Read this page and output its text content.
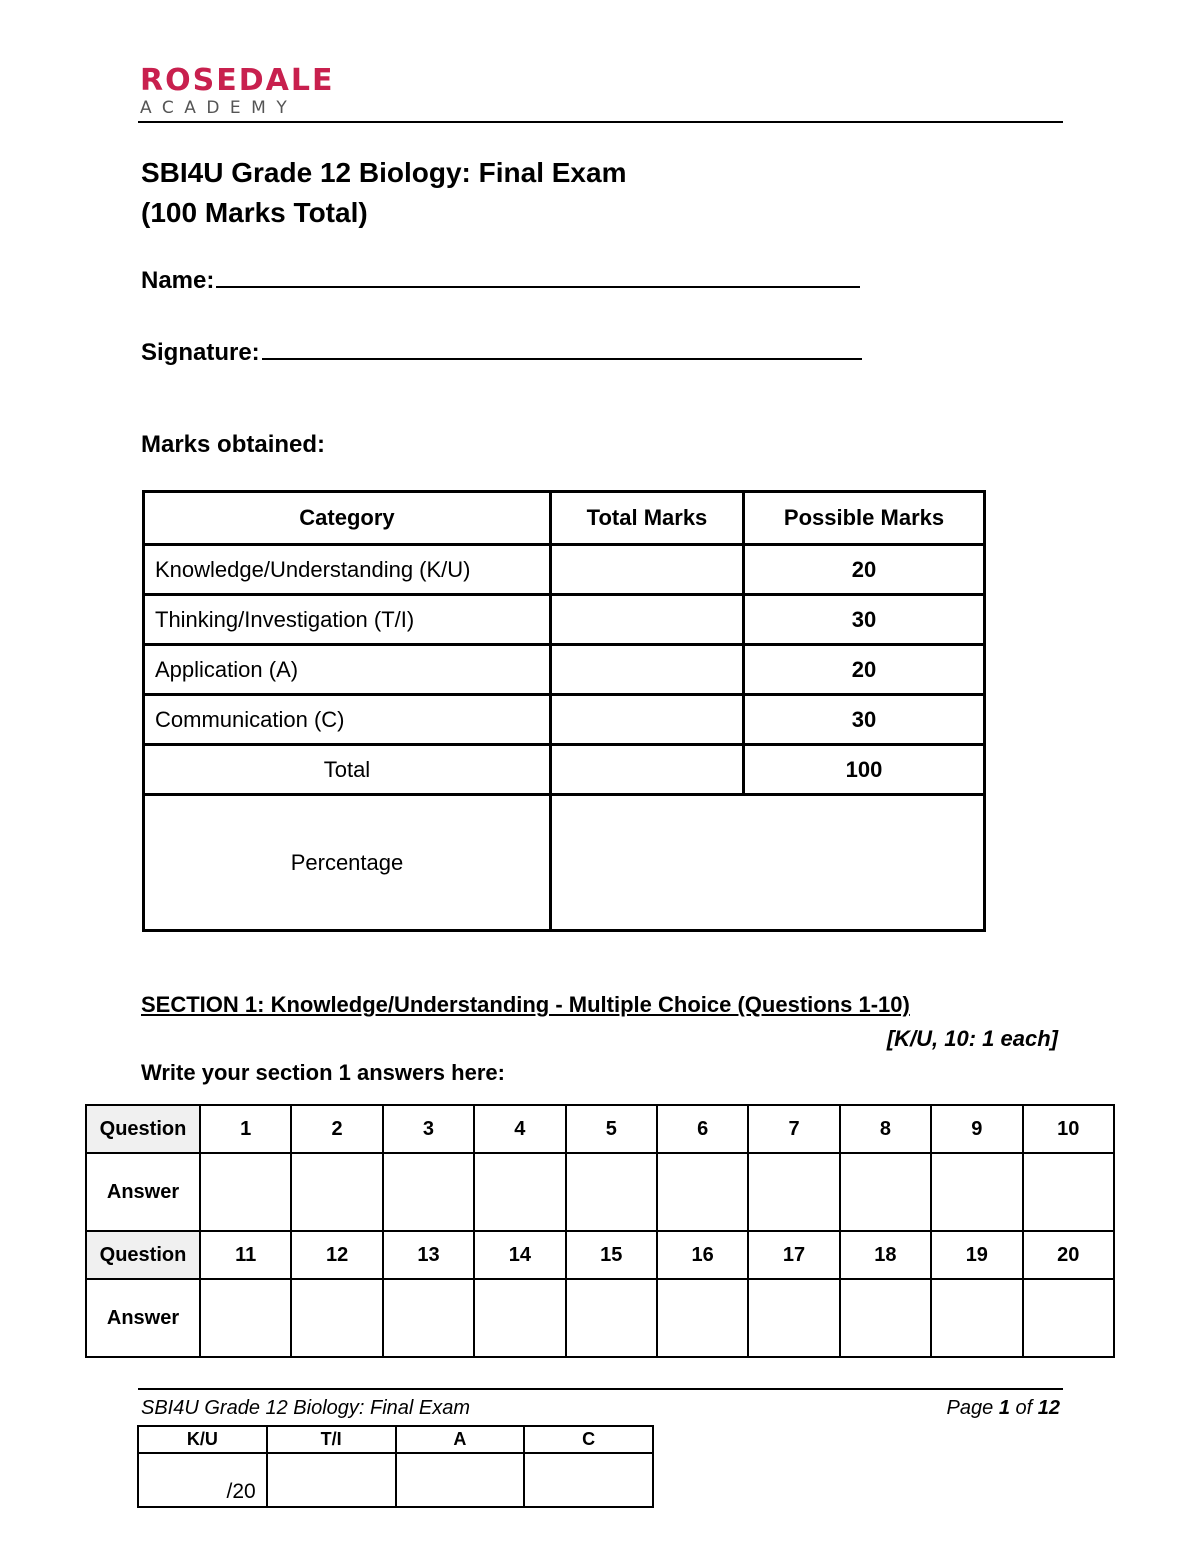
ROSEDALE
ACADEMY
SBI4U Grade 12 Biology: Final Exam
(100 Marks Total)
Name:
Signature:
Marks obtained:
Category	Total Marks	Possible Marks
Knowledge/Understanding (K/U)		20
Thinking/Investigation (T/I)		30
Application (A)		20
Communication (C)		30
Total		100
Percentage		
SECTION 1: Knowledge/Understanding - Multiple Choice (Questions 1-10)
[K/U, 10: 1 each]
Write your section 1 answers here:
Question	1	2	3	4	5	6	7	8	9	10
Answer										
Question	11	12	13	14	15	16	17	18	19	20
Answer										
SBI4U Grade 12 Biology: Final Exam	Page 1 of 12
K/U	T/I	A	C
/20			
